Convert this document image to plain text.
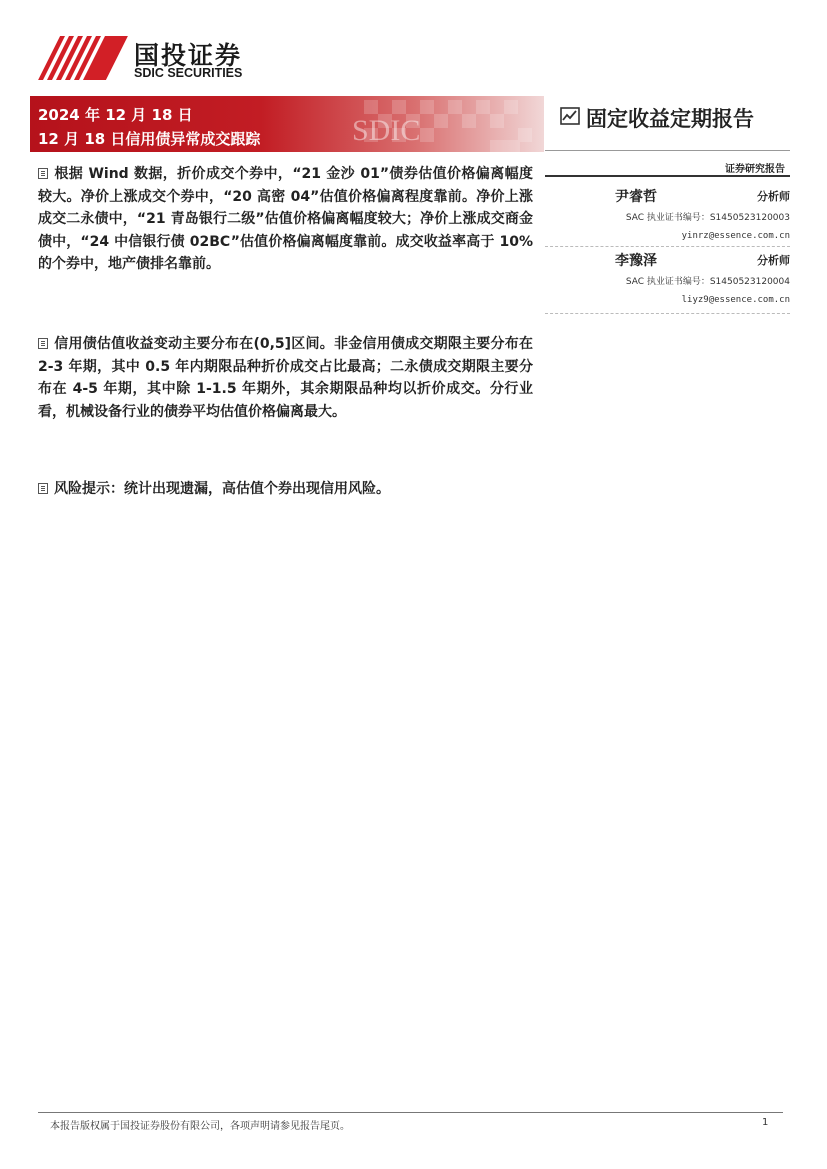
国投证券
SDIC SECURITIES
SDIC
2024 年 12 月 18 日
12 月 18 日信用债异常成交跟踪
固定收益定期报告
证券研究报告
尹睿哲	分析师
SAC 执业证书编号：S1450523120003
yinrz@essence.com.cn
李豫泽	分析师
SAC 执业证书编号：S1450523120004
liyz9@essence.com.cn
根据 Wind 数据，折价成交个券中，“21 金沙 01”债券估值价格偏离幅度较大。净价上涨成交个券中，“20 高密 04”估值价格偏离程度靠前。净价上涨成交二永债中，“21 青岛银行二级”估值价格偏离幅度较大；净价上涨成交商金债中，“24 中信银行债 02BC”估值价格偏离幅度靠前。成交收益率高于 10%的个券中，地产债排名靠前。
信用债估值收益变动主要分布在(0,5]区间。非金信用债成交期限主要分布在 2-3 年期，其中 0.5 年内期限品种折价成交占比最高；二永债成交期限主要分布在 4-5 年期，其中除 1-1.5 年期外，其余期限品种均以折价成交。分行业看，机械设备行业的债券平均估值价格偏离最大。
风险提示：统计出现遗漏，高估值个券出现信用风险。
本报告版权属于国投证券股份有限公司，各项声明请参见报告尾页。	1
